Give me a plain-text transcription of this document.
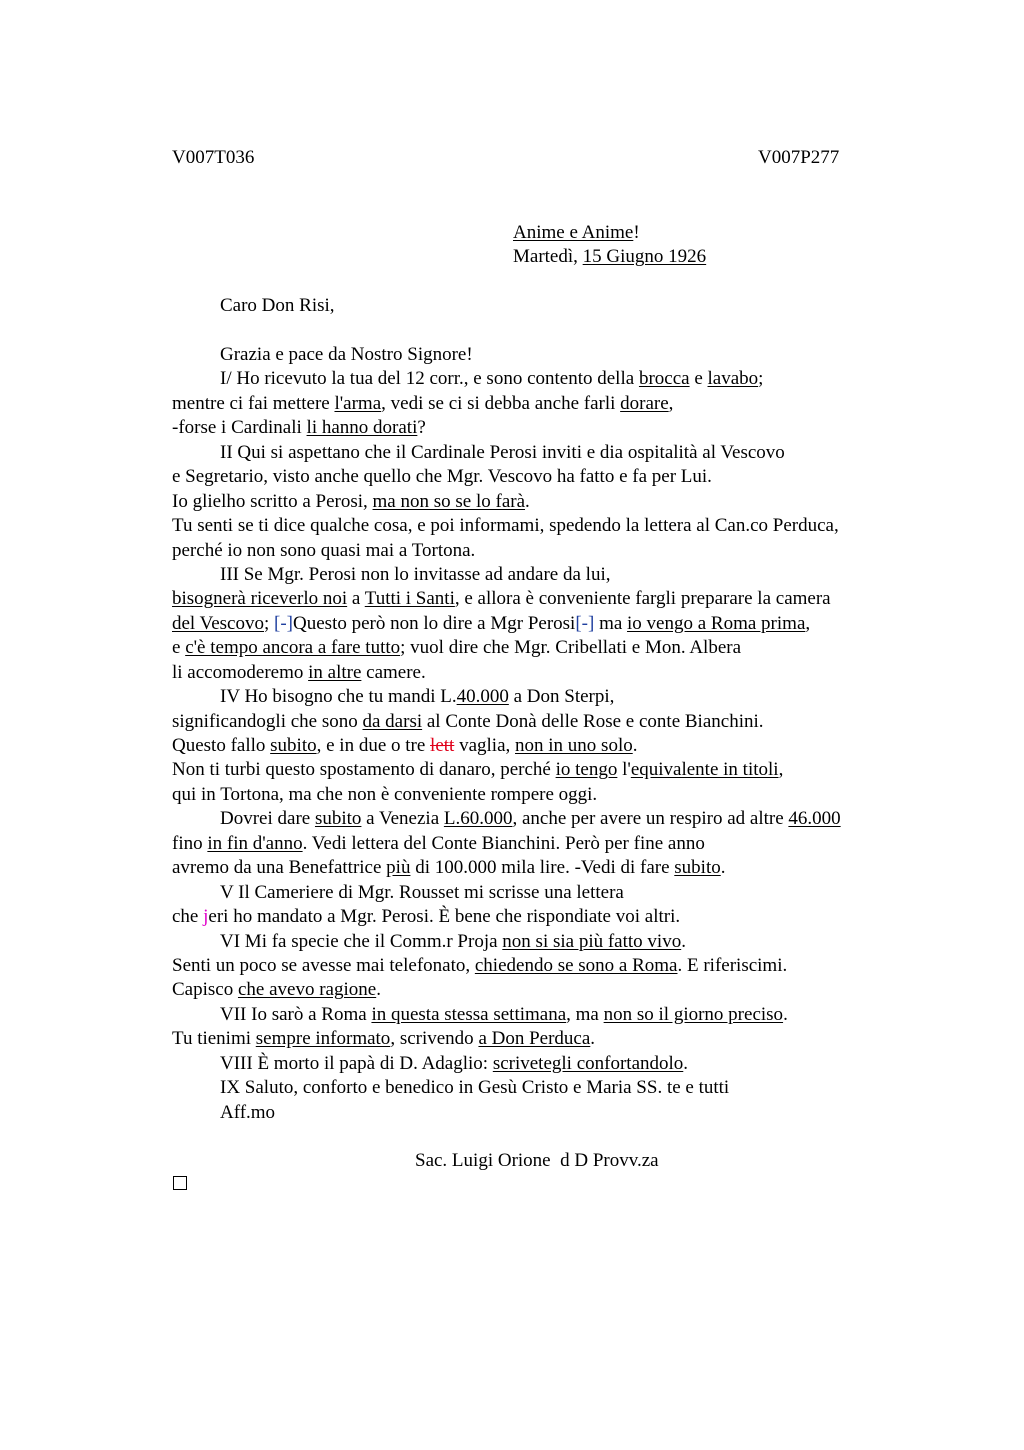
V007T036	V007P277
Anime e Anime!
Martedì, 15 Giugno 1926
Caro Don Risi,
Grazia e pace da Nostro Signore!
I/ Ho ricevuto la tua del 12 corr., e sono contento della brocca e lavabo;
mentre ci fai mettere l'arma, vedi se ci si debba anche farli dorare,
-forse i Cardinali li hanno dorati?
II Qui si aspettano che il Cardinale Perosi inviti e dia ospitalità al Vescovo
e Segretario, visto anche quello che Mgr. Vescovo ha fatto e fa per Lui.
Io glielho scritto a Perosi, ma non so se lo farà.
Tu senti se ti dice qualche cosa, e poi informami, spedendo la lettera al Can.co Perduca,
perché io non sono quasi mai a Tortona.
III Se Mgr. Perosi non lo invitasse ad andare da lui,
bisognerà riceverlo noi a Tutti i Santi, e allora è conveniente fargli preparare la camera
del Vescovo; [-]Questo però non lo dire a Mgr Perosi[-] ma io vengo a Roma prima,
e c'è tempo ancora a fare tutto; vuol dire che Mgr. Cribellati e Mon. Albera
li accomoderemo in altre camere.
IV Ho bisogno che tu mandi L.40.000 a Don Sterpi,
significandogli che sono da darsi al Conte Donà delle Rose e conte Bianchini.
Questo fallo subito, e in due o tre lett vaglia, non in uno solo.
Non ti turbi questo spostamento di danaro, perché io tengo l'equivalente in titoli,
qui in Tortona, ma che non è conveniente rompere oggi.
Dovrei dare subito a Venezia L.60.000, anche per avere un respiro ad altre 46.000
fino in fin d'anno. Vedi lettera del Conte Bianchini. Però per fine anno
avremo da una Benefattrice più di 100.000 mila lire. -Vedi di fare subito.
V Il Cameriere di Mgr. Rousset mi scrisse una lettera
che jeri ho mandato a Mgr. Perosi. È bene che rispondiate voi altri.
VI Mi fa specie che il Comm.r Proja non si sia più fatto vivo.
Senti un poco se avesse mai telefonato, chiedendo se sono a Roma. E riferiscimi.
Capisco che avevo ragione.
VII Io sarò a Roma in questa stessa settimana, ma non so il giorno preciso.
Tu tienimi sempre informato, scrivendo a Don Perduca.
VIII È morto il papà di D. Adaglio: scrivetegli confortandolo.
IX Saluto, conforto e benedico in Gesù Cristo e Maria SS. te e tutti
Aff.mo
Sac. Luigi Orione  d D Provv.za
